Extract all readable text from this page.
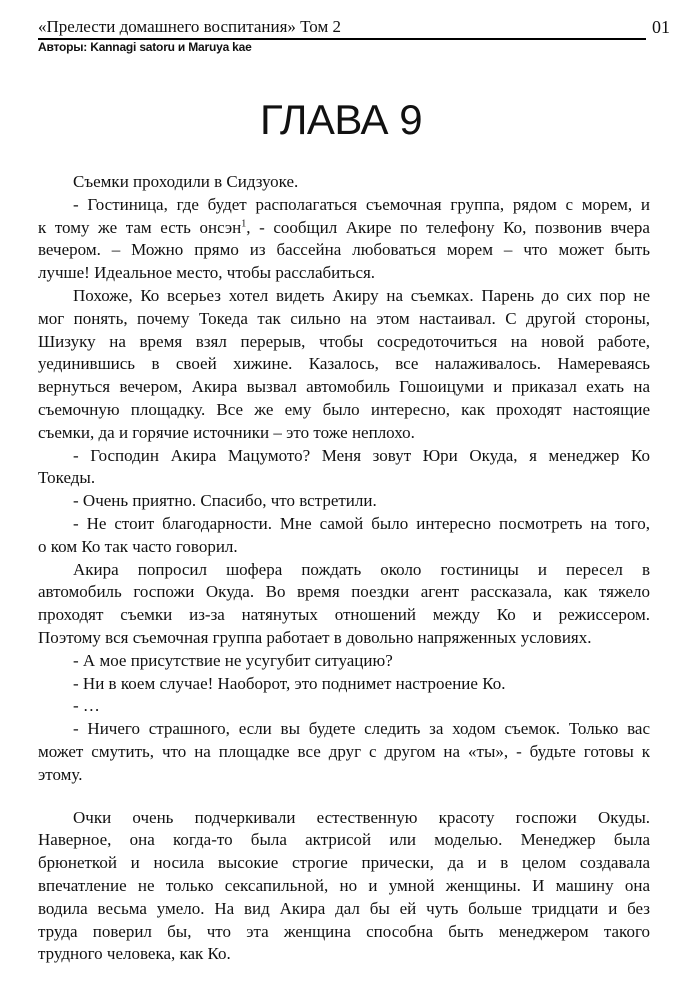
«Прелести домашнего воспитания» Том 2	01
Авторы: Kannagi satoru и Maruya kae
ГЛАВА 9
Съемки проходили в Сидзуоке.
- Гостиница, где будет располагаться съемочная группа, рядом с морем, и
к тому же там есть онсэн$^1$, - сообщил Акире по телефону Ко, позвонив вчера
вечером. – Можно прямо из бассейна любоваться морем – что может быть
лучше! Идеальное место, чтобы расслабиться.
Похоже, Ко всерьез хотел видеть Акиру на съемках. Парень до сих пор не
мог понять, почему Токеда так сильно на этом настаивал. С другой стороны,
Шизуку на время взял перерыв, чтобы сосредоточиться на новой работе,
уединившись в своей хижине. Казалось, все налаживалось. Намереваясь
вернуться вечером, Акира вызвал автомобиль Гошоицуми и приказал ехать на
съемочную площадку. Все же ему было интересно, как проходят настоящие
съемки, да и горячие источники – это тоже неплохо.
- Господин Акира Мацумото? Меня зовут Юри Окуда, я менеджер Ко
Токеды.
- Очень приятно. Спасибо, что встретили.
- Не стоит благодарности. Мне самой было интересно посмотреть на того,
о ком Ко так часто говорил.
Акира попросил шофера пождать около гостиницы и пересел в
автомобиль госпожи Окуда. Во время поездки агент рассказала, как тяжело
проходят съемки из-за натянутых отношений между Ко и режиссером.
Поэтому вся съемочная группа работает в довольно напряженных условиях.
- А мое присутствие не усугубит ситуацию?
- Ни в коем случае! Наоборот, это поднимет настроение Ко.
- …
- Ничего страшного, если вы будете следить за ходом съемок. Только вас
может смутить, что на площадке все друг с другом на «ты», - будьте готовы к
этому.
Очки очень подчеркивали естественную красоту госпожи Окуды.
Наверное, она когда-то была актрисой или моделью. Менеджер была
брюнеткой и носила высокие строгие прически, да и в целом создавала
впечатление не только сексапильной, но и умной женщины. И машину она
водила весьма умело. На вид Акира дал бы ей чуть больше тридцати и без
труда поверил бы, что эта женщина способна быть менеджером такого
трудного человека, как Ко.
